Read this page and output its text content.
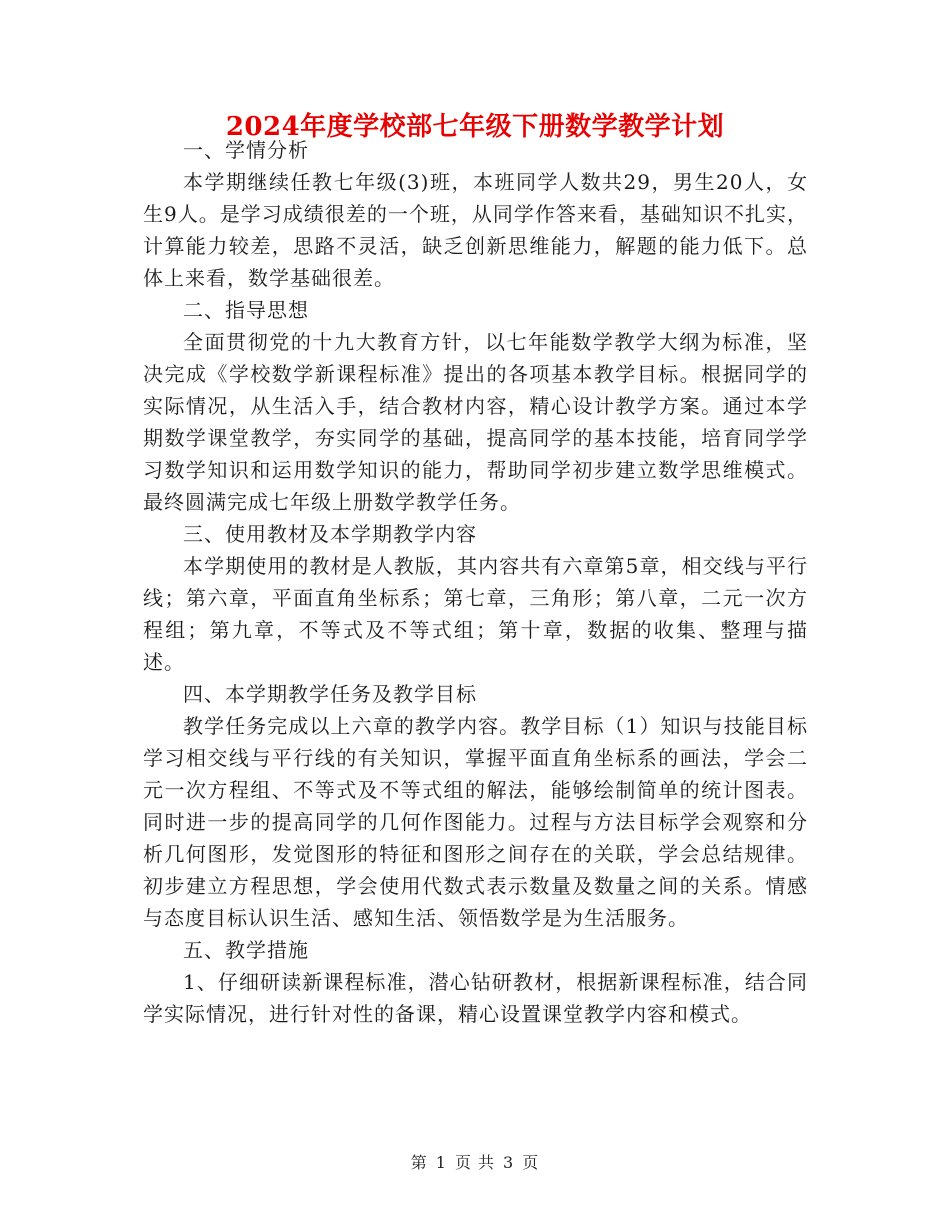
2024年度学校部七年级下册数学教学计划

一、学情分析

本学期继续任教七年级(3)班，本班同学人数共29，男生20人，女生9人。是学习成绩很差的一个班，从同学作答来看，基础知识不扎实，计算能力较差，思路不灵活，缺乏创新思维能力，解题的能力低下。总体上来看，数学基础很差。

二、指导思想

全面贯彻党的十九大教育方针，以七年能数学教学大纲为标准，坚决完成《学校数学新课程标准》提出的各项基本教学目标。根据同学的实际情况，从生活入手，结合教材内容，精心设计教学方案。通过本学期数学课堂教学，夯实同学的基础，提高同学的基本技能，培育同学学习数学知识和运用数学知识的能力，帮助同学初步建立数学思维模式。最终圆满完成七年级上册数学教学任务。

三、使用教材及本学期教学内容

本学期使用的教材是人教版，其内容共有六章第5章，相交线与平行线；第六章，平面直角坐标系；第七章，三角形；第八章，二元一次方程组；第九章，不等式及不等式组；第十章，数据的收集、整理与描述。

四、本学期教学任务及教学目标

教学任务完成以上六章的教学内容。教学目标（1）知识与技能目标学习相交线与平行线的有关知识，掌握平面直角坐标系的画法，学会二元一次方程组、不等式及不等式组的解法，能够绘制简单的统计图表。同时进一步的提高同学的几何作图能力。过程与方法目标学会观察和分析几何图形，发觉图形的特征和图形之间存在的关联，学会总结规律。初步建立方程思想，学会使用代数式表示数量及数量之间的关系。情感与态度目标认识生活、感知生活、领悟数学是为生活服务。

五、教学措施

1、仔细研读新课程标准，潜心钻研教材，根据新课程标准，结合同学实际情况，进行针对性的备课，精心设置课堂教学内容和模式。

第 1 页 共 3 页
